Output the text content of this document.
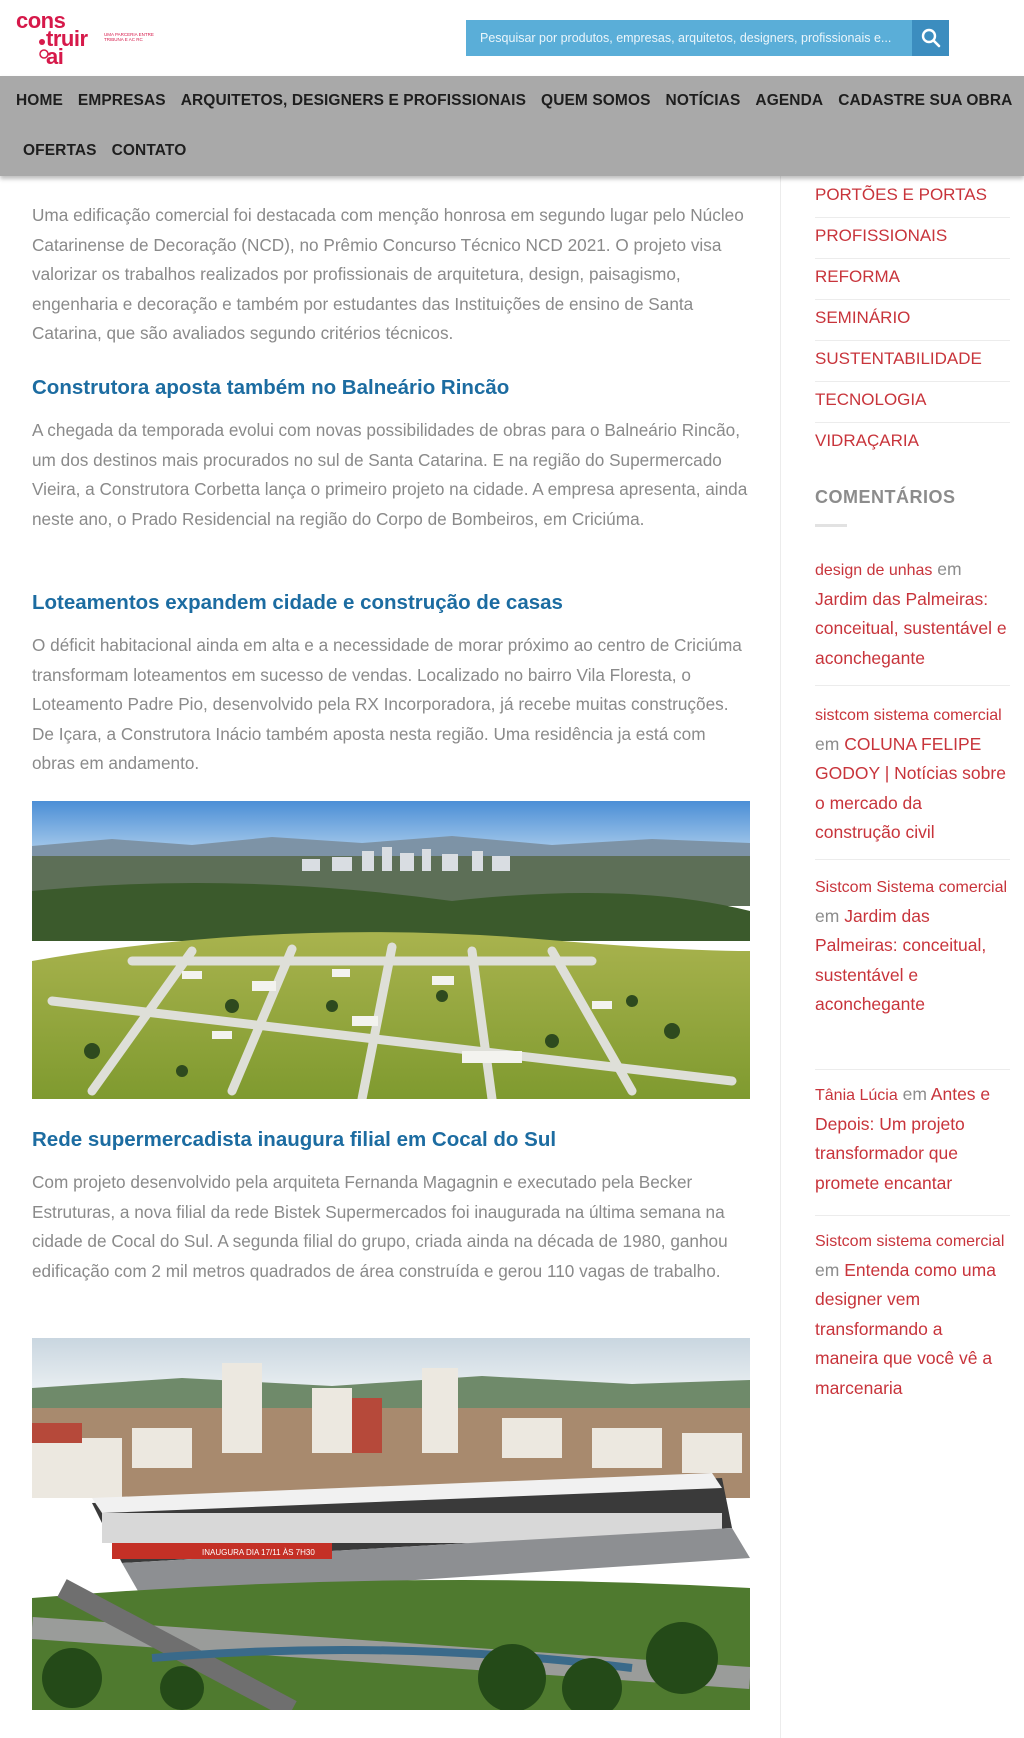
cons
truir
ai
UMA PARCERIA ENTRE TRIBUNA E AC RC
Pesquisar por produtos, empresas, arquitetos, designers, profissionais e...
HOME EMPRESAS ARQUITETOS, DESIGNERS E PROFISSIONAIS QUEM SOMOS NOTÍCIAS AGENDA CADASTRE SUA OBRA
OFERTAS CONTATO

Uma edificação comercial foi destacada com menção honrosa em segundo lugar pelo Núcleo Catarinense de Decoração (NCD), no Prêmio Concurso Técnico NCD 2021. O projeto visa valorizar os trabalhos realizados por profissionais de arquitetura, design, paisagismo, engenharia e decoração e também por estudantes das Instituições de ensino de Santa Catarina, que são avaliados segundo critérios técnicos.

Construtora aposta também no Balneário Rincão

A chegada da temporada evolui com novas possibilidades de obras para o Balneário Rincão, um dos destinos mais procurados no sul de Santa Catarina. E na região do Supermercado Vieira, a Construtora Corbetta lança o primeiro projeto na cidade. A empresa apresenta, ainda neste ano, o Prado Residencial na região do Corpo de Bombeiros, em Criciúma.

Loteamentos expandem cidade e construção de casas

O déficit habitacional ainda em alta e a necessidade de morar próximo ao centro de Criciúma transformam loteamentos em sucesso de vendas. Localizado no bairro Vila Floresta, o Loteamento Padre Pio, desenvolvido pela RX Incorporadora, já recebe muitas construções. De Içara, a Construtora Inácio também aposta nesta região. Uma residência ja está com obras em andamento.

Rede supermercadista inaugura filial em Cocal do Sul

Com projeto desenvolvido pela arquiteta Fernanda Magagnin e executado pela Becker Estruturas, a nova filial da rede Bistek Supermercados foi inaugurada na última semana na cidade de Cocal do Sul. A segunda filial do grupo, criada ainda na década de 1980, ganhou edificação com 2 mil metros quadrados de área construída e gerou 110 vagas de trabalho.

INAUGURA DIA 17/11 ÀS 7H30
PORTÕES E PORTAS
PROFISSIONAIS
REFORMA
SEMINÁRIO
SUSTENTABILIDADE
TECNOLOGIA
VIDRAÇARIA
COMENTÁRIOS
design de unhas em
Jardim das Palmeiras: conceitual, sustentável e aconchegante
sistcom sistema comercial
em COLUNA FELIPE GODOY | Notícias sobre o mercado da construção civil
Sistcom Sistema comercial
em Jardim das Palmeiras: conceitual, sustentável e aconchegante
Tânia Lúcia em Antes e Depois: Um projeto transformador que promete encantar
Sistcom sistema comercial
em Entenda como uma designer vem transformando a maneira que você vê a marcenaria
